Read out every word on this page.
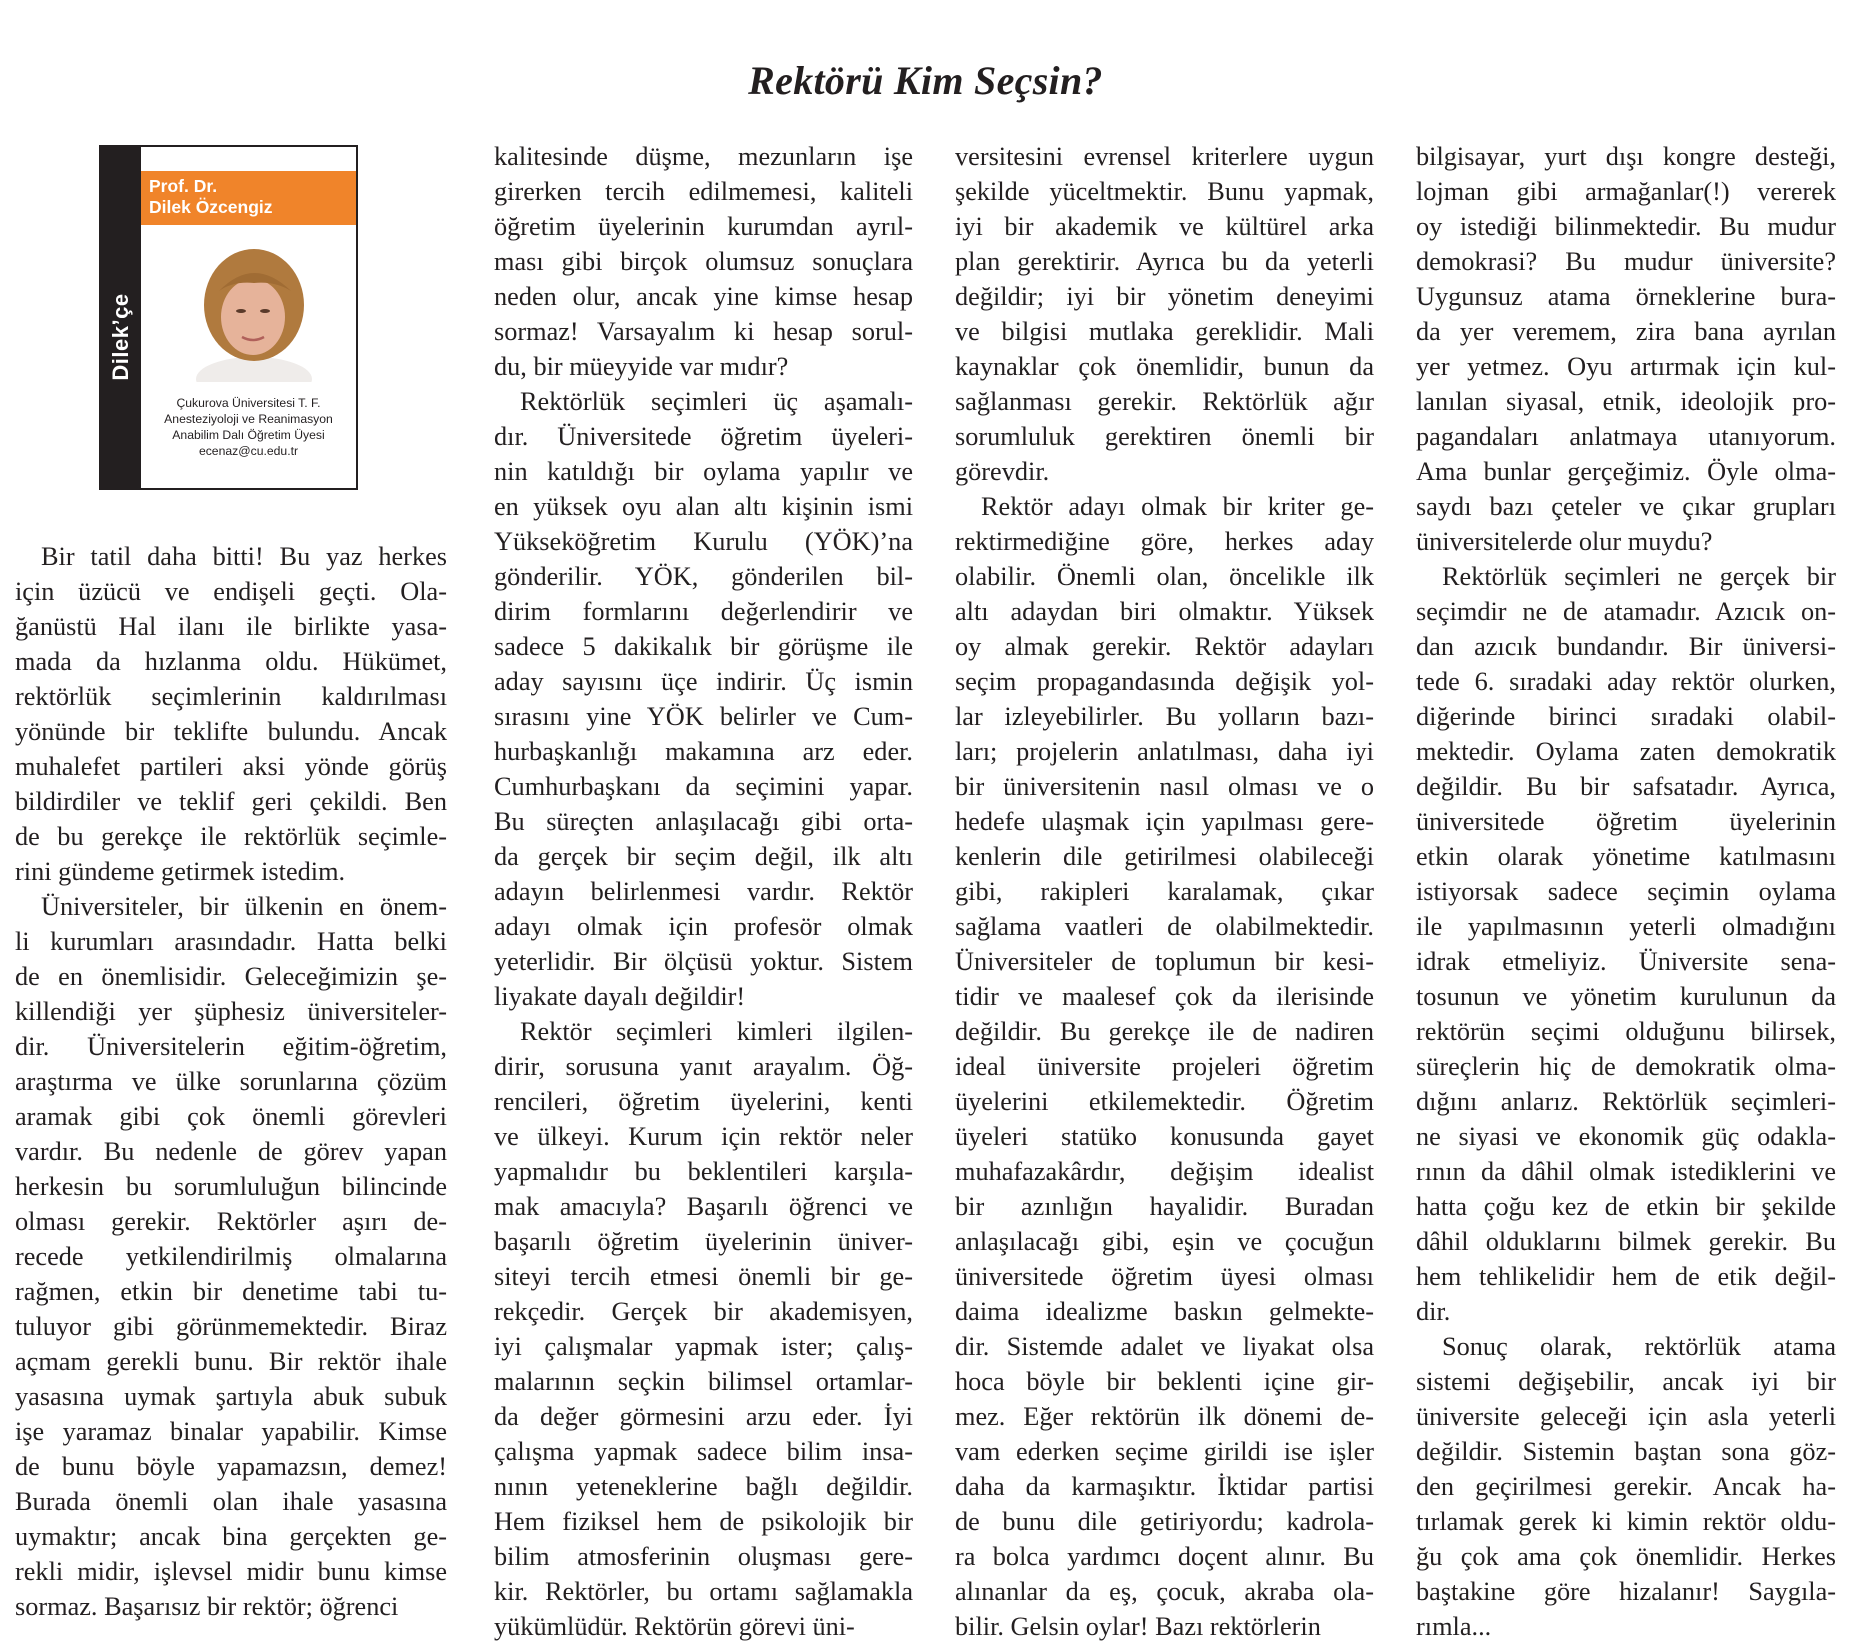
Rektörü Kim Seçsin?
Dilek’çe
Prof. Dr.
Dilek Özcengiz
Çukurova Üniversitesi T. F.
Anesteziyoloji ve Reanimasyon
Anabilim Dalı Öğretim Üyesi
ecenaz@cu.edu.tr

Bir tatil daha bitti! Bu yaz herkes
için üzücü ve endişeli geçti. Ola-
ğanüstü Hal ilanı ile birlikte yasa-
mada da hızlanma oldu. Hükümet,
rektörlük seçimlerinin kaldırılması
yönünde bir teklifte bulundu. Ancak
muhalefet partileri aksi yönde görüş
bildirdiler ve teklif geri çekildi. Ben
de bu gerekçe ile rektörlük seçimle-
rini gündeme getirmek istedim.

Üniversiteler, bir ülkenin en önem-
li kurumları arasındadır. Hatta belki
de en önemlisidir. Geleceğimizin şe-
killendiği yer şüphesiz üniversiteler-
dir. Üniversitelerin eğitim-öğretim,
araştırma ve ülke sorunlarına çözüm
aramak gibi çok önemli görevleri
vardır. Bu nedenle de görev yapan
herkesin bu sorumluluğun bilincinde
olması gerekir. Rektörler aşırı de-
recede yetkilendirilmiş olmalarına
rağmen, etkin bir denetime tabi tu-
tuluyor gibi görünmemektedir. Biraz
açmam gerekli bunu. Bir rektör ihale
yasasına uymak şartıyla abuk subuk
işe yaramaz binalar yapabilir. Kimse
de bunu böyle yapamazsın, demez!
Burada önemli olan ihale yasasına
uymaktır; ancak bina gerçekten ge-
rekli midir, işlevsel midir bunu kimse
sormaz. Başarısız bir rektör; öğrenci

kalitesinde düşme, mezunların işe
girerken tercih edilmemesi, kaliteli
öğretim üyelerinin kurumdan ayrıl-
ması gibi birçok olumsuz sonuçlara
neden olur, ancak yine kimse hesap
sormaz! Varsayalım ki hesap sorul-
du, bir müeyyide var mıdır?

Rektörlük seçimleri üç aşamalı-
dır. Üniversitede öğretim üyeleri-
nin katıldığı bir oylama yapılır ve
en yüksek oyu alan altı kişinin ismi
Yükseköğretim Kurulu (YÖK)’na
gönderilir. YÖK, gönderilen bil-
dirim formlarını değerlendirir ve
sadece 5 dakikalık bir görüşme ile
aday sayısını üçe indirir. Üç ismin
sırasını yine YÖK belirler ve Cum-
hurbaşkanlığı makamına arz eder.
Cumhurbaşkanı da seçimini yapar.
Bu süreçten anlaşılacağı gibi orta-
da gerçek bir seçim değil, ilk altı
adayın belirlenmesi vardır. Rektör
adayı olmak için profesör olmak
yeterlidir. Bir ölçüsü yoktur. Sistem
liyakate dayalı değildir!

Rektör seçimleri kimleri ilgilen-
dirir, sorusuna yanıt arayalım. Öğ-
rencileri, öğretim üyelerini, kenti
ve ülkeyi. Kurum için rektör neler
yapmalıdır bu beklentileri karşıla-
mak amacıyla? Başarılı öğrenci ve
başarılı öğretim üyelerinin üniver-
siteyi tercih etmesi önemli bir ge-
rekçedir. Gerçek bir akademisyen,
iyi çalışmalar yapmak ister; çalış-
malarının seçkin bilimsel ortamlar-
da değer görmesini arzu eder. İyi
çalışma yapmak sadece bilim insa-
nının yeteneklerine bağlı değildir.
Hem fiziksel hem de psikolojik bir
bilim atmosferinin oluşması gere-
kir. Rektörler, bu ortamı sağlamakla
yükümlüdür. Rektörün görevi üni-

versitesini evrensel kriterlere uygun
şekilde yüceltmektir. Bunu yapmak,
iyi bir akademik ve kültürel arka
plan gerektirir. Ayrıca bu da yeterli
değildir; iyi bir yönetim deneyimi
ve bilgisi mutlaka gereklidir. Mali
kaynaklar çok önemlidir, bunun da
sağlanması gerekir. Rektörlük ağır
sorumluluk gerektiren önemli bir
görevdir.

Rektör adayı olmak bir kriter ge-
rektirmediğine göre, herkes aday
olabilir. Önemli olan, öncelikle ilk
altı adaydan biri olmaktır. Yüksek
oy almak gerekir. Rektör adayları
seçim propagandasında değişik yol-
lar izleyebilirler. Bu yolların bazı-
ları; projelerin anlatılması, daha iyi
bir üniversitenin nasıl olması ve o
hedefe ulaşmak için yapılması gere-
kenlerin dile getirilmesi olabileceği
gibi, rakipleri karalamak, çıkar
sağlama vaatleri de olabilmektedir.
Üniversiteler de toplumun bir kesi-
tidir ve maalesef çok da ilerisinde
değildir. Bu gerekçe ile de nadiren
ideal üniversite projeleri öğretim
üyelerini etkilemektedir. Öğretim
üyeleri statüko konusunda gayet
muhafazakârdır, değişim idealist
bir azınlığın hayalidir. Buradan
anlaşılacağı gibi, eşin ve çocuğun
üniversitede öğretim üyesi olması
daima idealizme baskın gelmekte-
dir. Sistemde adalet ve liyakat olsa
hoca böyle bir beklenti içine gir-
mez. Eğer rektörün ilk dönemi de-
vam ederken seçime girildi ise işler
daha da karmaşıktır. İktidar partisi
de bunu dile getiriyordu; kadrola-
ra bolca yardımcı doçent alınır. Bu
alınanlar da eş, çocuk, akraba ola-
bilir. Gelsin oylar! Bazı rektörlerin

bilgisayar, yurt dışı kongre desteği,
lojman gibi armağanlar(!) vererek
oy istediği bilinmektedir. Bu mudur
demokrasi? Bu mudur üniversite?
Uygunsuz atama örneklerine bura-
da yer veremem, zira bana ayrılan
yer yetmez. Oyu artırmak için kul-
lanılan siyasal, etnik, ideolojik pro-
pagandaları anlatmaya utanıyorum.
Ama bunlar gerçeğimiz. Öyle olma-
saydı bazı çeteler ve çıkar grupları
üniversitelerde olur muydu?

Rektörlük seçimleri ne gerçek bir
seçimdir ne de atamadır. Azıcık on-
dan azıcık bundandır. Bir üniversi-
tede 6. sıradaki aday rektör olurken,
diğerinde birinci sıradaki olabil-
mektedir. Oylama zaten demokratik
değildir. Bu bir safsatadır. Ayrıca,
üniversitede öğretim üyelerinin
etkin olarak yönetime katılmasını
istiyorsak sadece seçimin oylama
ile yapılmasının yeterli olmadığını
idrak etmeliyiz. Üniversite sena-
tosunun ve yönetim kurulunun da
rektörün seçimi olduğunu bilirsek,
süreçlerin hiç de demokratik olma-
dığını anlarız. Rektörlük seçimleri-
ne siyasi ve ekonomik güç odakla-
rının da dâhil olmak istediklerini ve
hatta çoğu kez de etkin bir şekilde
dâhil olduklarını bilmek gerekir. Bu
hem tehlikelidir hem de etik değil-
dir.

Sonuç olarak, rektörlük atama
sistemi değişebilir, ancak iyi bir
üniversite geleceği için asla yeterli
değildir. Sistemin baştan sona göz-
den geçirilmesi gerekir. Ancak ha-
tırlamak gerek ki kimin rektör oldu-
ğu çok ama çok önemlidir. Herkes
baştakine göre hizalanır! Saygıla-
rımla...
